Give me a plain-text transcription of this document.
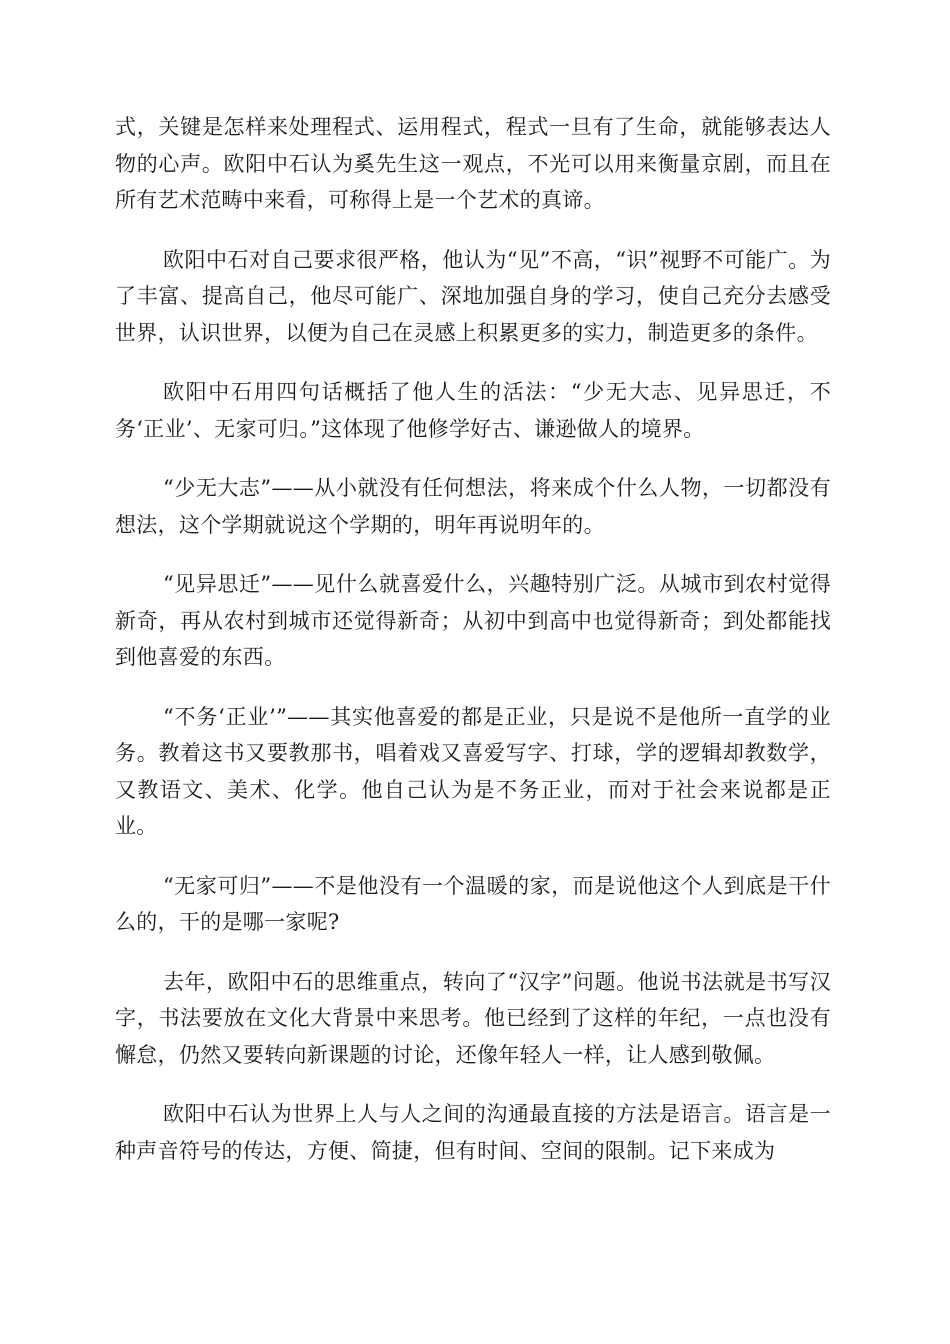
式，关键是怎样来处理程式、运用程式，程式一旦有了生命，就能够表达人物的心声。欧阳中石认为奚先生这一观点，不光可以用来衡量京剧，而且在所有艺术范畴中来看，可称得上是一个艺术的真谛。

欧阳中石对自己要求很严格，他认为“见”不高，“识”视野不可能广。为了丰富、提高自己，他尽可能广、深地加强自身的学习，使自己充分去感受世界，认识世界，以便为自己在灵感上积累更多的实力，制造更多的条件。

欧阳中石用四句话概括了他人生的活法：“少无大志、见异思迁，不务‘正业’、无家可归。”这体现了他修学好古、谦逊做人的境界。

“少无大志”——从小就没有任何想法，将来成个什么人物，一切都没有想法，这个学期就说这个学期的，明年再说明年的。

“见异思迁”——见什么就喜爱什么，兴趣特别广泛。从城市到农村觉得新奇，再从农村到城市还觉得新奇；从初中到高中也觉得新奇；到处都能找到他喜爱的东西。

“不务‘正业’”——其实他喜爱的都是正业，只是说不是他所一直学的业务。教着这书又要教那书，唱着戏又喜爱写字、打球，学的逻辑却教数学，又教语文、美术、化学。他自己认为是不务正业，而对于社会来说都是正业。

“无家可归”——不是他没有一个温暖的家，而是说他这个人到底是干什么的，干的是哪一家呢?

去年，欧阳中石的思维重点，转向了“汉字”问题。他说书法就是书写汉字，书法要放在文化大背景中来思考。他已经到了这样的年纪，一点也没有懈怠，仍然又要转向新课题的讨论，还像年轻人一样，让人感到敬佩。

欧阳中石认为世界上人与人之间的沟通最直接的方法是语言。语言是一种声音符号的传达，方便、简捷，但有时间、空间的限制。记下来成为
